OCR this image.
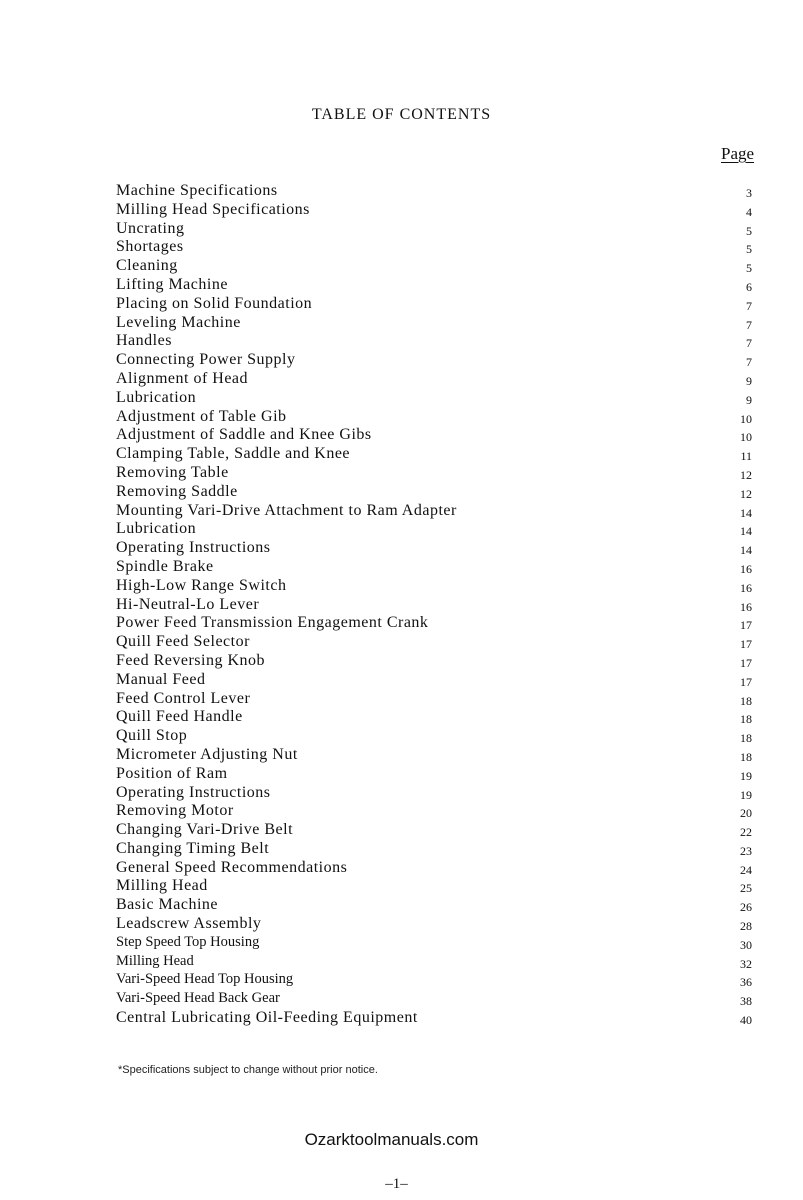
TABLE OF CONTENTS
Page
Machine Specifications	3
Milling Head Specifications	4
Uncrating	5
Shortages	5
Cleaning	5
Lifting Machine	6
Placing on Solid Foundation	7
Leveling Machine	7
Handles	7
Connecting Power Supply	7
Alignment of Head	9
Lubrication	9
Adjustment of Table Gib	10
Adjustment of Saddle and Knee Gibs	10
Clamping Table, Saddle and Knee	11
Removing Table	12
Removing Saddle	12
Mounting Vari-Drive Attachment to Ram Adapter	14
Lubrication	14
Operating Instructions	14
Spindle Brake	16
High-Low Range Switch	16
Hi-Neutral-Lo Lever	16
Power Feed Transmission Engagement Crank	17
Quill Feed Selector	17
Feed Reversing Knob	17
Manual Feed	17
Feed Control Lever	18
Quill Feed Handle	18
Quill Stop	18
Micrometer Adjusting Nut	18
Position of Ram	19
Operating Instructions	19
Removing Motor	20
Changing Vari-Drive Belt	22
Changing Timing Belt	23
General Speed Recommendations	24
Milling Head	25
Basic Machine	26
Leadscrew Assembly	28
Step Speed Top Housing	30
Milling Head	32
Vari-Speed Head Top Housing	36
Vari-Speed Head Back Gear	38
Central Lubricating Oil-Feeding Equipment	40
*Specifications subject to change without prior notice.
Ozarktoolmanuals.com
–1–
